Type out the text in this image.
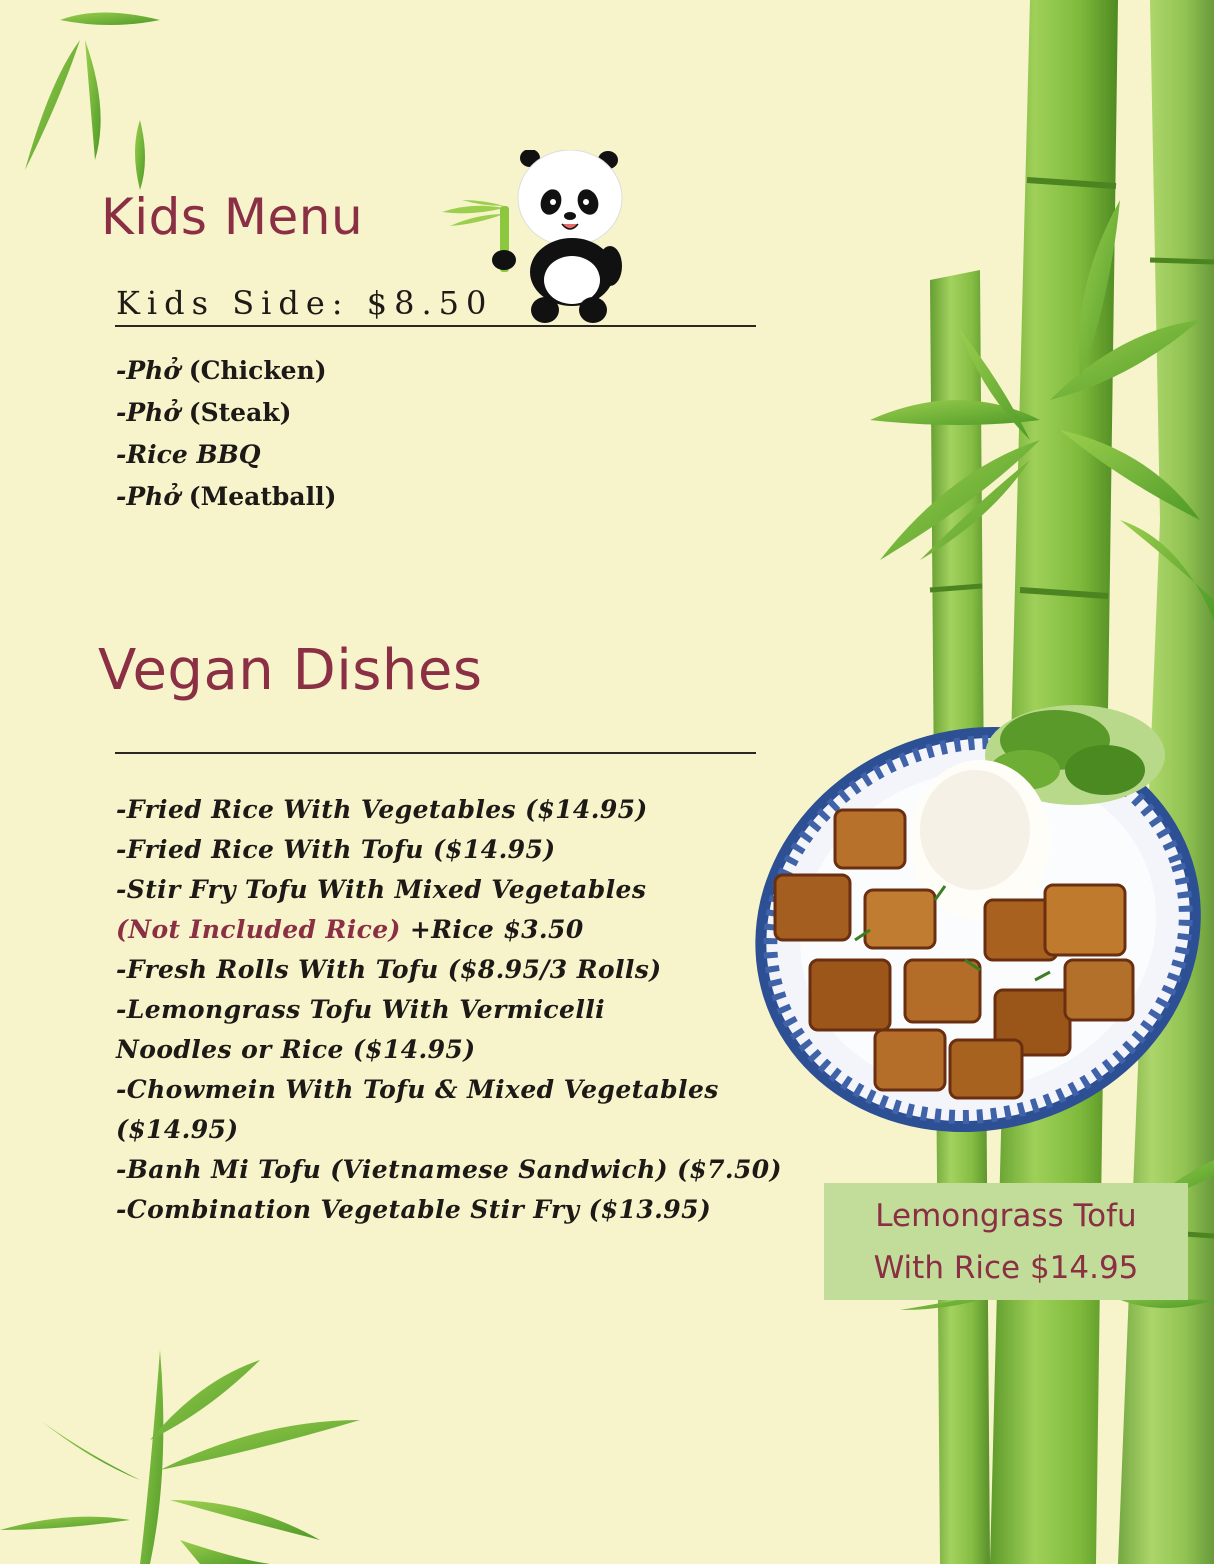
Kids Menu
Kids Side: $8.50
-Phở (Chicken)
-Phở (Steak)
-Rice BBQ
-Phở (Meatball)
Vegan Dishes
-Fried Rice With Vegetables ($14.95)
-Fried Rice With Tofu ($14.95)
-Stir Fry Tofu With Mixed Vegetables
(Not Included Rice) +Rice $3.50
-Fresh Rolls With Tofu ($8.95/3 Rolls)
-Lemongrass Tofu With Vermicelli
Noodles or Rice ($14.95)
-Chowmein With Tofu & Mixed Vegetables
($14.95)
-Banh Mi Tofu (Vietnamese Sandwich) ($7.50)
-Combination Vegetable Stir Fry ($13.95)	Lemongrass Tofu
With Rice $14.95
